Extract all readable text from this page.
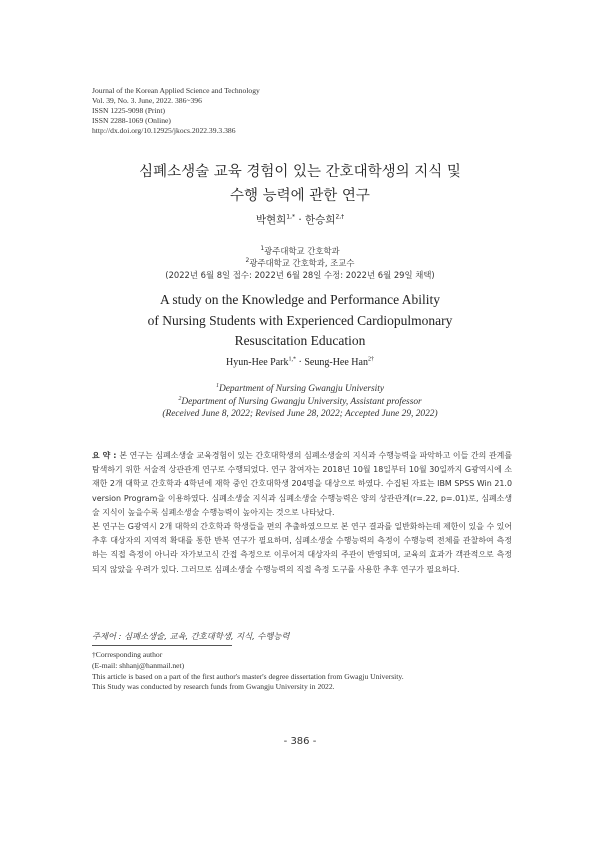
Journal of the Korean Applied Science and Technology
Vol. 39, No. 3. June, 2022. 386~396
ISSN 1225-9098 (Print)
ISSN 2288-1069 (Online)
http://dx.doi.org/10.12925/jkocs.2022.39.3.386
심폐소생술 교육 경험이 있는 간호대학생의 지식 및
수행 능력에 관한 연구
박현희$^{1,*}$ · 한승희$^{2,\dagger}$
$^1$광주대학교 간호학과
$^2$광주대학교 간호학과, 조교수
(2022년 6월 8일 접수: 2022년 6월 28일 수정: 2022년 6월 29일 채택)
A study on the Knowledge and Performance Ability
of Nursing Students with Experienced Cardiopulmonary
Resuscitation Education
Hyun-Hee Park$^{1,*}$ · Seung-Hee Han$^{2\dagger}$
$^1$Department of Nursing Gwangju University
$^2$Department of Nursing Gwangju University, Assistant professor
(Received June 8, 2022; Revised June 28, 2022; Accepted June 29, 2022)

요 약 : 본 연구는 심폐소생술 교육경험이 있는 간호대학생의 심폐소생술의 지식과 수행능력을 파악하고 이들 간의 관계를 탐색하기 위한 서술적 상관관계 연구로 수행되었다. 연구 참여자는 2018년 10월 18일부터 10월 30일까지 G광역시에 소재한 2개 대학교 간호학과 4학년에 재학 중인 간호대학생 204명을 대상으로 하였다. 수집된 자료는 IBM SPSS Win 21.0 version Program을 이용하였다. 심폐소생술 지식과 심폐소생술 수행능력은 양의 상관관계(r=.22, p=.01)로, 심폐소생술 지식이 높을수록 심폐소생술 수행능력이 높아지는 것으로 나타났다.

본 연구는 G광역시 2개 대학의 간호학과 학생들을 편의 추출하였으므로 본 연구 결과를 일반화하는데 제한이 있을 수 있어 추후 대상자의 지역적 확대를 통한 반복 연구가 필요하며, 심폐소생술 수행능력의 측정이 수행능력 전체를 관찰하여 측정하는 직접 측정이 아니라 자가보고식 간접 측정으로 이루어져 대상자의 주관이 반영되며, 교육의 효과가 객관적으로 측정되지 않았을 우려가 있다. 그러므로 심폐소생술 수행능력의 직접 측정 도구를 사용한 추후 연구가 필요하다.

주제어 : 심폐소생술, 교육, 간호대학생, 지식, 수행능력
†Corresponding author
(E-mail: shhanj@hanmail.net)
This article is based on a part of the first author's master's degree dissertation from Gwagju University.
This Study was conducted by research funds from Gwangju University in 2022.
- 386 -
